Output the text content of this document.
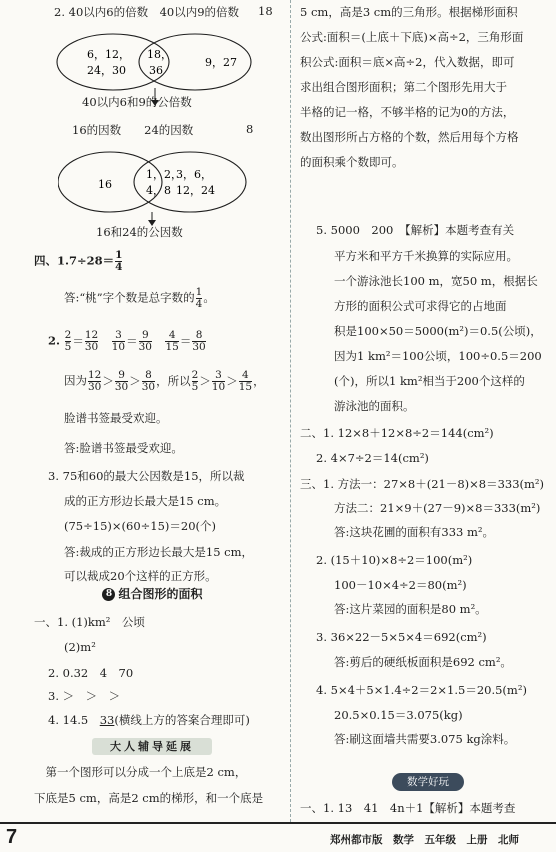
2. 40以内6的倍数　40以内9的倍数 18
6，12，
24，30
18，
36
9，27
40以内6和9的公倍数
16的因数　　24的因数	8
16
1，2，
4，8
3，6，
12，24
16和24的公因数
四、$1.7\div 28= \frac{1}{4}$
答:“桃”字个数是总字数的 $\frac{1}{4}$ 。
2. $\frac{2}{5} = \frac{12}{30}$
　 $\frac{3}{10} = \frac{9}{30}$
　 $\frac{4}{15} = \frac{8}{30}$
因为 $\frac{12}{30} > \frac{9}{30} > \frac{8}{30}$ ，所以 $\frac{2}{5} > \frac{3}{10} > \frac{4}{15}$ ，
脸谱书签最受欢迎。
答:脸谱书签最受欢迎。
3. 75和60的最大公因数是15，所以裁
成的正方形边长最大是15 cm。
(75÷15)×(60÷15)＝20(个)
答:裁成的正方形边长最大是15 cm，
可以裁成20个这样的正方形。
8 组合图形的面积
一、1. (1)km²　公顷
(2)m²
2. 0.32　4　70
3. ＞　＞　＞
4. 14.5　33(横线上方的答案合理即可)
大人辅导延展
　第一个图形可以分成一个上底是2 cm，
下底是5 cm，高是2 cm的梯形，和一个底是
5 cm，高是3 cm的三角形。根据梯形面积
公式:面积＝(上底＋下底)×高÷2，三角形面
积公式:面积＝底×高÷2，代入数据，即可
求出组合图形面积；第二个图形先用大于
半格的记一格，不够半格的记为0的方法，
数出图形所占方格的个数，然后用每个方格
的面积乘个数即可。
5. 5000　200　【解析】本题考查有关
平方米和平方千米换算的实际应用。
一个游泳池长100 m，宽50 m，根据长
方形的面积公式可求得它的占地面
积是100×50＝5000(m²)＝0.5(公顷)，
因为1 km²＝100公顷，100÷0.5＝200
(个)，所以1 km²相当于200个这样的
游泳池的面积。
二、1. 12×8＋12×8÷2＝144(cm²)
2. 4×7÷2＝14(cm²)
三、1. 方法一：27×8＋(21－8)×8＝333(m²)
方法二：21×9＋(27－9)×8＝333(m²)
答:这块花圃的面积有333 m²。
2. (15＋10)×8÷2＝100(m²)
100－10×4÷2＝80(m²)
答:这片菜园的面积是80 m²。
3. 36×22－5×5×4＝692(cm²)
答:剪后的硬纸板面积是692 cm²。
4. 5×4＋5×1.4÷2＝2×1.5＝20.5(m²)
20.5×0.15＝3.075(kg)
答:刷这面墙共需要3.075 kg涂料。
数学好玩
一、1. 13　41　4n＋1【解析】本题考查
7	郑州都市版　数学　五年级　上册　北师
